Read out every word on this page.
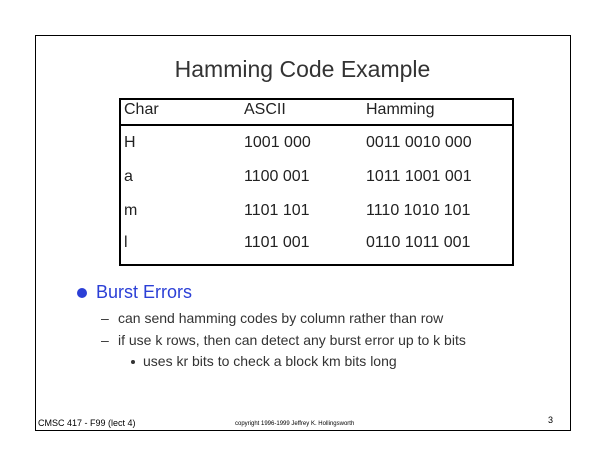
Hamming Code Example
Char	ASCII	Hamming
H	1001 000	0011 0010 000
a	1100 001	1011 1001 001
m	1101 101	1110 1010 101
l	1101 001	0110 1011 001
Burst Errors
– can send hamming codes by column rather than row
– if use k rows, then can detect any burst error up to k bits
uses kr bits to check a block km bits long
CMSC 417 - F99 (lect 4)	copyright 1996-1999 Jeffrey K. Hollingsworth	3
